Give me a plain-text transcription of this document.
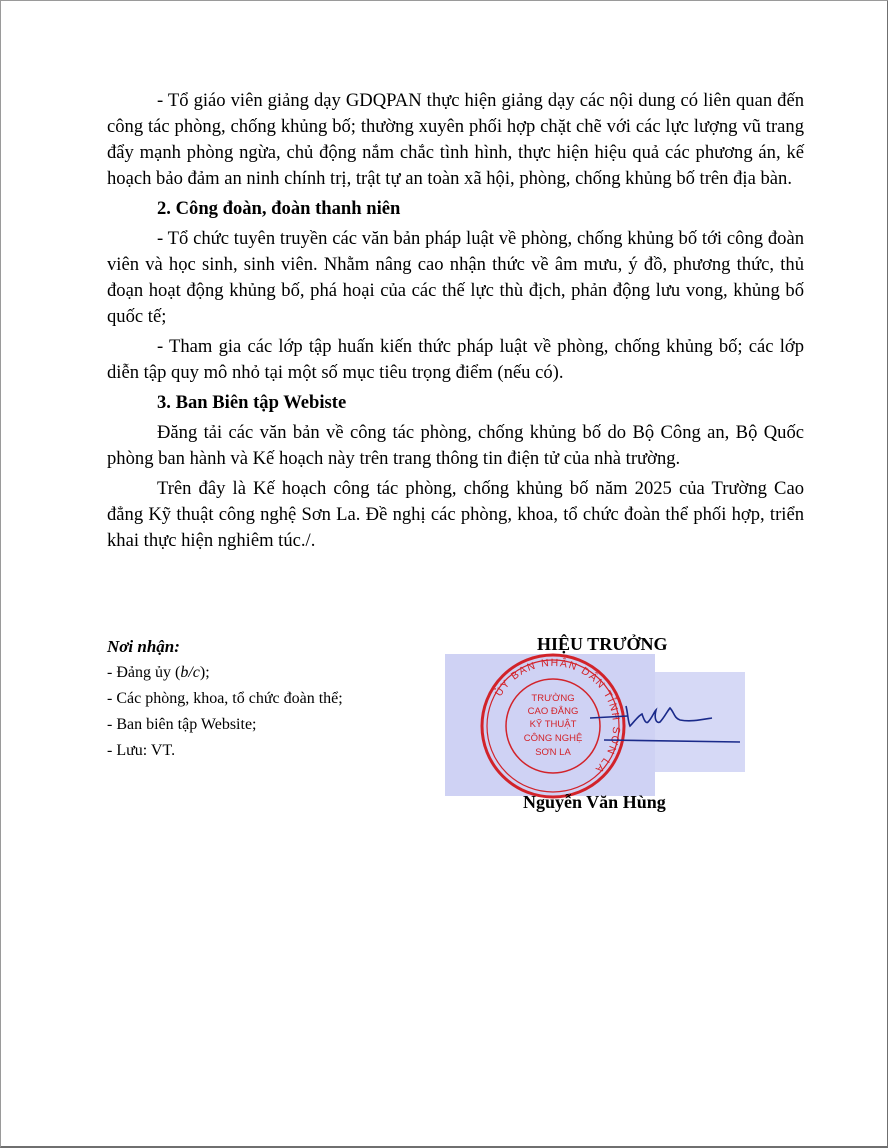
- Tổ giáo viên giảng dạy GDQPAN thực hiện giảng dạy các nội dung có liên quan đến công tác phòng, chống khủng bố; thường xuyên phối hợp chặt chẽ với các lực lượng vũ trang đẩy mạnh phòng ngừa, chủ động nắm chắc tình hình, thực hiện hiệu quả các phương án, kế hoạch bảo đảm an ninh chính trị, trật tự an toàn xã hội, phòng, chống khủng bố trên địa bàn.

2. Công đoàn, đoàn thanh niên

- Tổ chức tuyên truyền các văn bản pháp luật về phòng, chống khủng bố tới công đoàn viên và học sinh, sinh viên. Nhằm nâng cao nhận thức về âm mưu, ý đồ, phương thức, thủ đoạn hoạt động khủng bố, phá hoại của các thế lực thù địch, phản động lưu vong, khủng bố quốc tế;

- Tham gia các lớp tập huấn kiến thức pháp luật về phòng, chống khủng bố; các lớp diễn tập quy mô nhỏ tại một số mục tiêu trọng điểm (nếu có).

3. Ban Biên tập Webiste

Đăng tải các văn bản về công tác phòng, chống khủng bố do Bộ Công an, Bộ Quốc phòng ban hành và Kế hoạch này trên trang thông tin điện tử của nhà trường.

Trên đây là Kế hoạch công tác phòng, chống khủng bố năm 2025 của Trường Cao đẳng Kỹ thuật công nghệ Sơn La. Đề nghị các phòng, khoa, tổ chức đoàn thể phối hợp, triển khai thực hiện nghiêm túc./.

Nơi nhận:
- Đảng ủy (b/c);
- Các phòng, khoa, tổ chức đoàn thể;
- Ban biên tập Website;
- Lưu: VT.
HIỆU TRƯỞNG
ỦY BAN NHÂN DÂN TỈNH SƠN LA
TRƯỜNG
CAO ĐẲNG
KỸ THUẬT
CÔNG NGHỆ
SƠN LA
Nguyễn Văn Hùng
